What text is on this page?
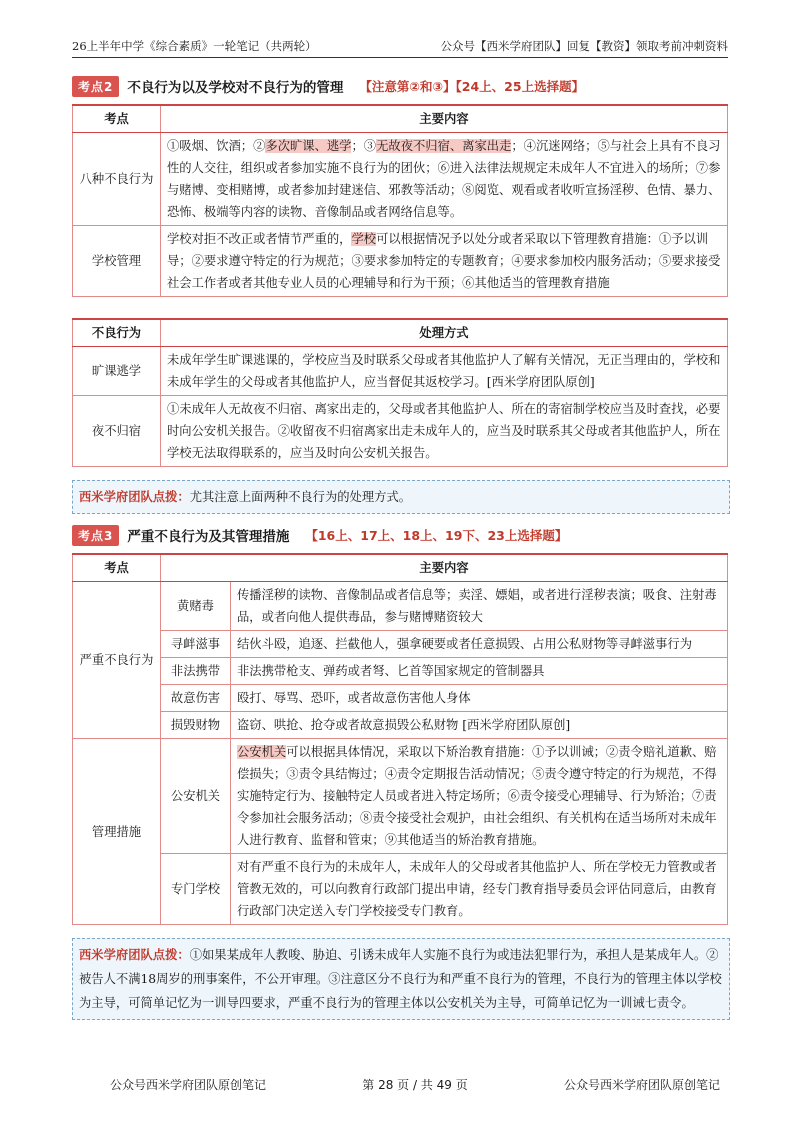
26上半年中学《综合素质》一轮笔记（共两轮）	公众号【西米学府团队】回复【教资】领取考前冲刺资料
考点2	不良行为以及学校对不良行为的管理 【注意第②和③】【24上、25上选择题】
考点	主要内容
八种不良行为	①吸烟、饮酒；②多次旷课、逃学；③无故夜不归宿、离家出走；④沉迷网络；⑤与社会上具有不良习性的人交往，组织或者参加实施不良行为的团伙；⑥进入法律法规规定未成年人不宜进入的场所；⑦参与赌博、变相赌博，或者参加封建迷信、邪教等活动；⑧阅览、观看或者收听宣扬淫秽、色情、暴力、恐怖、极端等内容的读物、音像制品或者网络信息等。
学校管理	学校对拒不改正或者情节严重的，学校可以根据情况予以处分或者采取以下管理教育措施：①予以训导；②要求遵守特定的行为规范；③要求参加特定的专题教育；④要求参加校内服务活动；⑤要求接受社会工作者或者其他专业人员的心理辅导和行为干预；⑥其他适当的管理教育措施
不良行为	处理方式
旷课逃学	未成年学生旷课逃课的，学校应当及时联系父母或者其他监护人了解有关情况，无正当理由的，学校和未成年学生的父母或者其他监护人，应当督促其返校学习。[西米学府团队原创]
夜不归宿	①未成年人无故夜不归宿、离家出走的，父母或者其他监护人、所在的寄宿制学校应当及时查找，必要时向公安机关报告。②收留夜不归宿离家出走未成年人的，应当及时联系其父母或者其他监护人，所在学校无法取得联系的，应当及时向公安机关报告。
西米学府团队点拨：尤其注意上面两种不良行为的处理方式。
考点3	严重不良行为及其管理措施 【16上、17上、18上、19下、23上选择题】
考点	主要内容	
严重不良行为	黄赌毒	传播淫秽的读物、音像制品或者信息等；卖淫、嫖娼，或者进行淫秽表演；吸食、注射毒品，或者向他人提供毒品，参与赌博赌资较大
	寻衅滋事	结伙斗殴，追逐、拦截他人，强拿硬要或者任意损毁、占用公私财物等寻衅滋事行为
	非法携带	非法携带枪支、弹药或者弩、匕首等国家规定的管制器具
	故意伤害	殴打、辱骂、恐吓，或者故意伤害他人身体
	损毁财物	盗窃、哄抢、抢夺或者故意损毁公私财物 [西米学府团队原创]
管理措施	公安机关	公安机关可以根据具体情况，采取以下矫治教育措施：①予以训诫；②责令赔礼道歉、赔偿损失；③责令具结悔过；④责令定期报告活动情况；⑤责令遵守特定的行为规范，不得实施特定行为、接触特定人员或者进入特定场所；⑥责令接受心理辅导、行为矫治；⑦责令参加社会服务活动；⑧责令接受社会观护，由社会组织、有关机构在适当场所对未成年人进行教育、监督和管束；⑨其他适当的矫治教育措施。
	专门学校	对有严重不良行为的未成年人，未成年人的父母或者其他监护人、所在学校无力管教或者管教无效的，可以向教育行政部门提出申请，经专门教育指导委员会评估同意后，由教育行政部门决定送入专门学校接受专门教育。
西米学府团队点拨：①如果某成年人教唆、胁迫、引诱未成年人实施不良行为或违法犯罪行为，承担人是某成年人。②被告人不满18周岁的刑事案件，不公开审理。③注意区分不良行为和严重不良行为的管理，不良行为的管理主体以学校为主导，可简单记忆为一训导四要求，严重不良行为的管理主体以公安机关为主导，可简单记忆为一训诫七责令。
公众号西米学府团队原创笔记	第 28 页 / 共 49 页	公众号西米学府团队原创笔记
